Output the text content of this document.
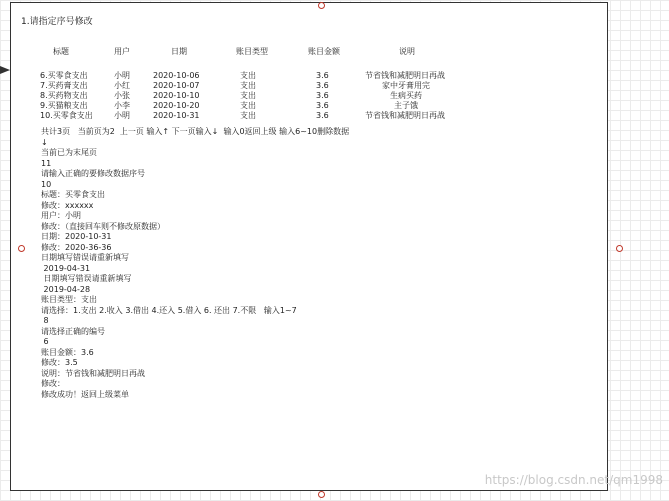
1.请指定序号修改
标题	用户	日期	账目类型	账目金额	说明
6.买零食支出	小明	2020-10-06	支出	3.6	节省钱和减肥明日再战
7.买药膏支出	小红	2020-10-07	支出	3.6	家中牙膏用完
8.买药物支出	小张	2020-10-10	支出	3.6	生病买药
9.买猫粮支出	小李	2020-10-20	支出	3.6	主子饿
10.买零食支出	小明	2020-10-31	支出	3.6	节省钱和减肥明日再战
共计3页   当前页为2  上一页 输入↑ 下一页输入↓  输入0返回上级 输入6~10删除数据
↓
当前已为末尾页
11
请输入正确的要修改数据序号
10
标题：买零食支出
修改：xxxxxx
用户：小明
修改：（直接回车则不修改原数据）
日期：2020-10-31
修改：2020-36-36
日期填写错误请重新填写
2019-04-31
日期填写错误请重新填写
2019-04-28
账目类型：支出
请选择：1.支出 2.收入 3.借出 4.还入 5.借入 6. 还出 7.不限   输入1~7
8
请选择正确的编号
6
账目金额：3.6
修改：3.5
说明：节省钱和减肥明日再战
修改：
修改成功！返回上级菜单
https://blog.csdn.net/qm1998
